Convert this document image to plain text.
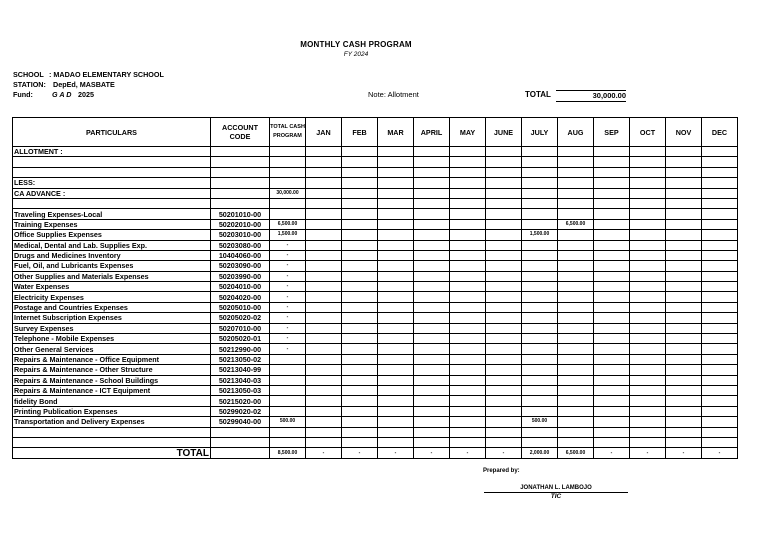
MONTHLY CASH PROGRAM
FY 2024
SCHOOL : MADAO ELEMENTARY SCHOOL
STATION: DepEd, MASBATE
Fund:	G A D 2025	Note: Allotment	TOTAL	30,000.00
PARTICULARS	ACCOUNT CODE	TOTAL CASH PROGRAM	JAN	FEB	MAR	APRIL	MAY	JUNE	JULY	AUG	SEP	OCT	NOV	DEC
ALLOTMENT :														

LESS:														
CA ADVANCE :		30,000.00												

Traveling Expenses-Local	50201010-00													
Training Expenses	50202010-00	6,500.00								6,500.00				
Office Supplies Expenses	50203010-00	1,500.00							1,500.00					
Medical, Dental and Lab. Supplies Exp.	50203080-00	-												
Drugs and Medicines Inventory	10404060-00	-												
Fuel, Oil, and Lubricants Expenses	50203090-00	-												
Other Supplies and Materials Expenses	50203990-00	-												
Water Expenses	50204010-00	-												
Electricity Expenses	50204020-00	-												
Postage and Countries Expenses	50205010-00	-												
Internet Subscription Expenses	50205020-02	-												
Survey Expenses	50207010-00	-												
Telephone - Mobile Expenses	50205020-01	-												
Other General Services	50212990-00	-												
Repairs & Maintenance - Office Equipment	50213050-02													
Repairs & Maintenance - Other Structure	50213040-99													
Repairs & Maintenance - School Buildings	50213040-03													
Repairs & Maintenance - ICT Equipment	50213050-03													
fidelity Bond	50215020-00													
Printing Publication Expenses	50299020-02													
Transportation and Delivery Expenses	50299040-00	500.00							500.00					

TOTAL		8,500.00	-	-	-	-	-	-	2,000.00	6,500.00	-	-	-	-
Prepared by:
JONATHAN L. LAMBOJO
TIC
